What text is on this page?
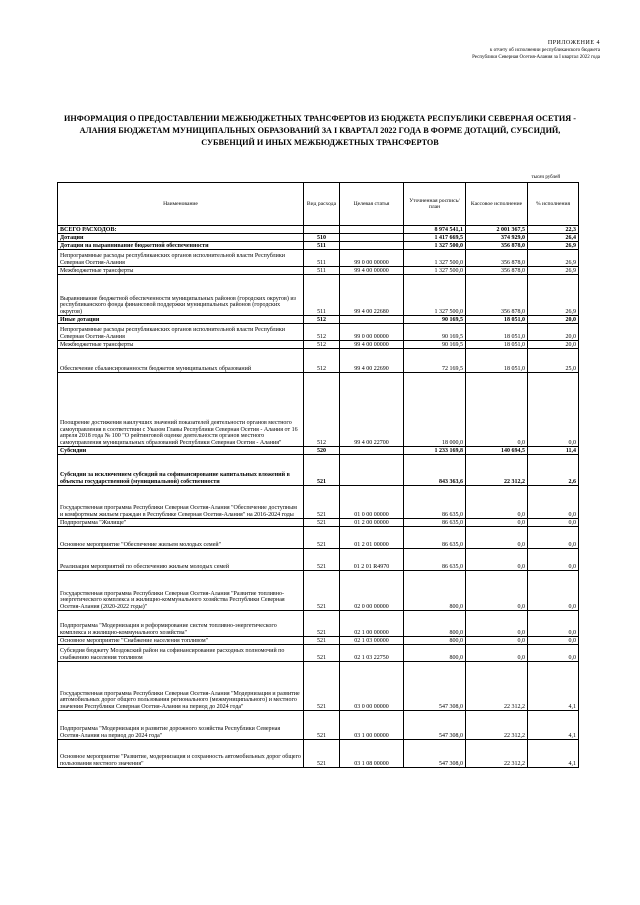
ПРИЛОЖЕНИЕ 4
к отчету об исполнении республиканского бюджета
Республики Северная Осетия-Алания за I квартал 2022 года
ИНФОРМАЦИЯ О ПРЕДОСТАВЛЕНИИ МЕЖБЮДЖЕТНЫХ ТРАНСФЕРТОВ ИЗ БЮДЖЕТА РЕСПУБЛИКИ СЕВЕРНАЯ ОСЕТИЯ - АЛАНИЯ БЮДЖЕТАМ МУНИЦИПАЛЬНЫХ ОБРАЗОВАНИЙ ЗА I КВАРТАЛ 2022 ГОДА В ФОРМЕ ДОТАЦИЙ, СУБСИДИЙ, СУБВЕНЦИЙ И ИНЫХ МЕЖБЮДЖЕТНЫХ ТРАНСФЕРТОВ
тысяч рублей
Наименование	Вид расхода	Целевая статья	Уточненная роспись/план	Кассовое исполнение	% исполнения
ВСЕГО РАСХОДОВ:			8 974 541,1	2 001 367,5	22,3
Дотации	510		1 417 669,5	374 929,0	26,4
Дотации на выравнивание бюджетной обеспеченности	511		1 327 500,0	356 878,0	26,9
Непрограммные расходы республиканских органов исполнительной власти Республики Северная Осетия-Алания	511	99 0 00 00000	1 327 500,0	356 878,0	26,9
Межбюджетные трансферты	511	99 4 00 00000	1 327 500,0	356 878,0	26,9
Выравнивание бюджетной обеспеченности муниципальных районов (городских округов) из республиканского фонда финансовой поддержки муниципальных районов (городских округов)	511	99 4 00 22680	1 327 500,0	356 878,0	26,9
Иные дотации	512		90 169,5	18 051,0	20,0
Непрограммные расходы республиканских органов исполнительной власти Республики Северная Осетия-Алания	512	99 0 00 00000	90 169,5	18 051,0	20,0
Межбюджетные трансферты	512	99 4 00 00000	90 169,5	18 051,0	20,0
Обеспечение сбалансированности бюджетов муниципальных образований	512	99 4 00 22690	72 169,5	18 051,0	25,0
Поощрение достижения наилучших значений показателей деятельности органов местного самоуправления в соответствии с Указом Главы Республики Северная Осетия - Алания от 16 апреля 2018 года № 100 "О рейтинговой оценке деятельности органов местного самоуправления муниципальных образований Республики Северная Осетия - Алания"	512	99 4 00 22700	18 000,0	0,0	0,0
Субсидии	520		1 233 169,8	140 694,5	11,4
Субсидии за исключением субсидий на софинансирование капитальных вложений в объекты государственной (муниципальной) собственности	521		843 363,6	22 312,2	2,6
Государственная программа Республики Северная Осетия-Алания "Обеспечение доступным и комфортным жильем граждан в Республике Северная Осетия-Алания" на 2016-2024 годы	521	01 0 00 00000	86 635,0	0,0	0,0
Подпрограмма "Жилище"	521	01 2 00 00000	86 635,0	0,0	0,0
Основное мероприятие "Обеспечение жильем молодых семей"	521	01 2 01 00000	86 635,0	0,0	0,0
Реализация мероприятий по обеспечению жильем молодых семей	521	01 2 01 R4970	86 635,0	0,0	0,0
Государственная программа Республики Северная Осетия-Алания "Развитие топливно-энергетического комплекса и жилищно-коммунального хозяйства Республики Северная Осетия-Алания (2020-2022 годы)"	521	02 0 00 00000	800,0	0,0	0,0
Подпрограмма "Модернизация и реформирование систем топливно-энергетического комплекса и жилищно-коммунального хозяйства"	521	02 1 00 00000	800,0	0,0	0,0
Основное мероприятие "Снабжение населения топливом"	521	02 1 03 00000	800,0	0,0	0,0
Субсидия бюджету Моздокский район на софинансирование расходных полномочий по снабжению населения топливом	521	02 1 03 22750	800,0	0,0	0,0
Государственная программа Республики Северная Осетия-Алания "Модернизация и развитие автомобильных дорог общего пользования регионального (межмуниципального) и местного значения Республики Северная Осетия-Алания на период до 2024 года"	521	03 0 00 00000	547 308,0	22 312,2	4,1
Подпрограмма "Модернизация и развитие дорожного хозяйства Республики Северная Осетия-Алания на период до 2024 года"	521	03 1 00 00000	547 308,0	22 312,2	4,1
Основное мероприятие "Развитие, модернизация и сохранность автомобильных дорог общего пользования местного значения"	521	03 1 08 00000	547 308,0	22 312,2	4,1
